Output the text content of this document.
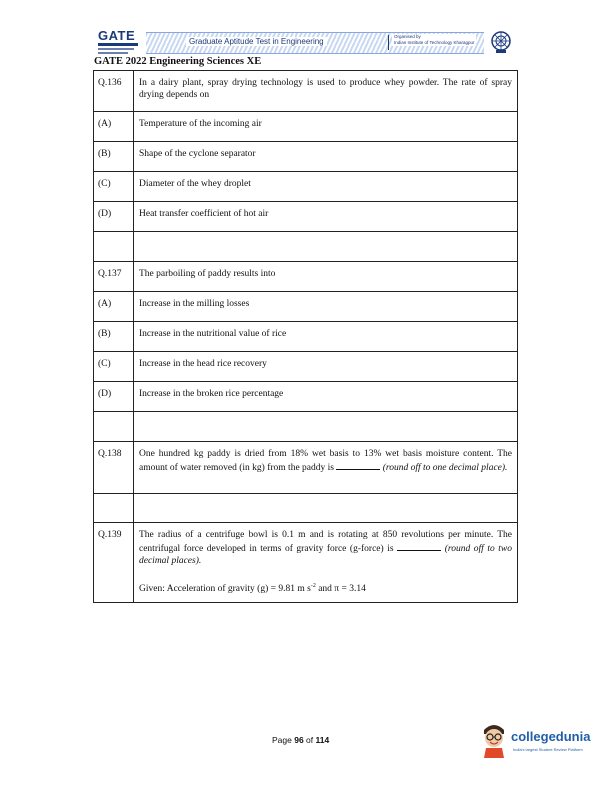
GATE	Graduate Aptitude Test in Engineering
Organised by
Indian Institute of Technology Kharagpur
GATE 2022 Engineering Sciences XE
Q.136	In a dairy plant, spray drying technology is used to produce whey powder. The rate of spray drying depends on
(A)	Temperature of the incoming air
(B)	Shape of the cyclone separator
(C)	Diameter of the whey droplet
(D)	Heat transfer coefficient of hot air

Q.137	The parboiling of paddy results into
(A)	Increase in the milling losses
(B)	Increase in the nutritional value of rice
(C)	Increase in the head rice recovery
(D)	Increase in the broken rice percentage

Q.138	One hundred kg paddy is dried from 18% wet basis to 13% wet basis moisture content. The amount of water removed (in kg) from the paddy is (round off to one decimal place).

Q.139	The radius of a centrifuge bowl is 0.1 m and is rotating at 850 revolutions per minute. The centrifugal force developed in terms of gravity force (g-force) is (round off to two decimal places).
Given: Acceleration of gravity (g) = 9.81 m $s^{-2}$ and π = 3.14
Page 96 of 114	collegedunia
India's largest Student Review Platform
